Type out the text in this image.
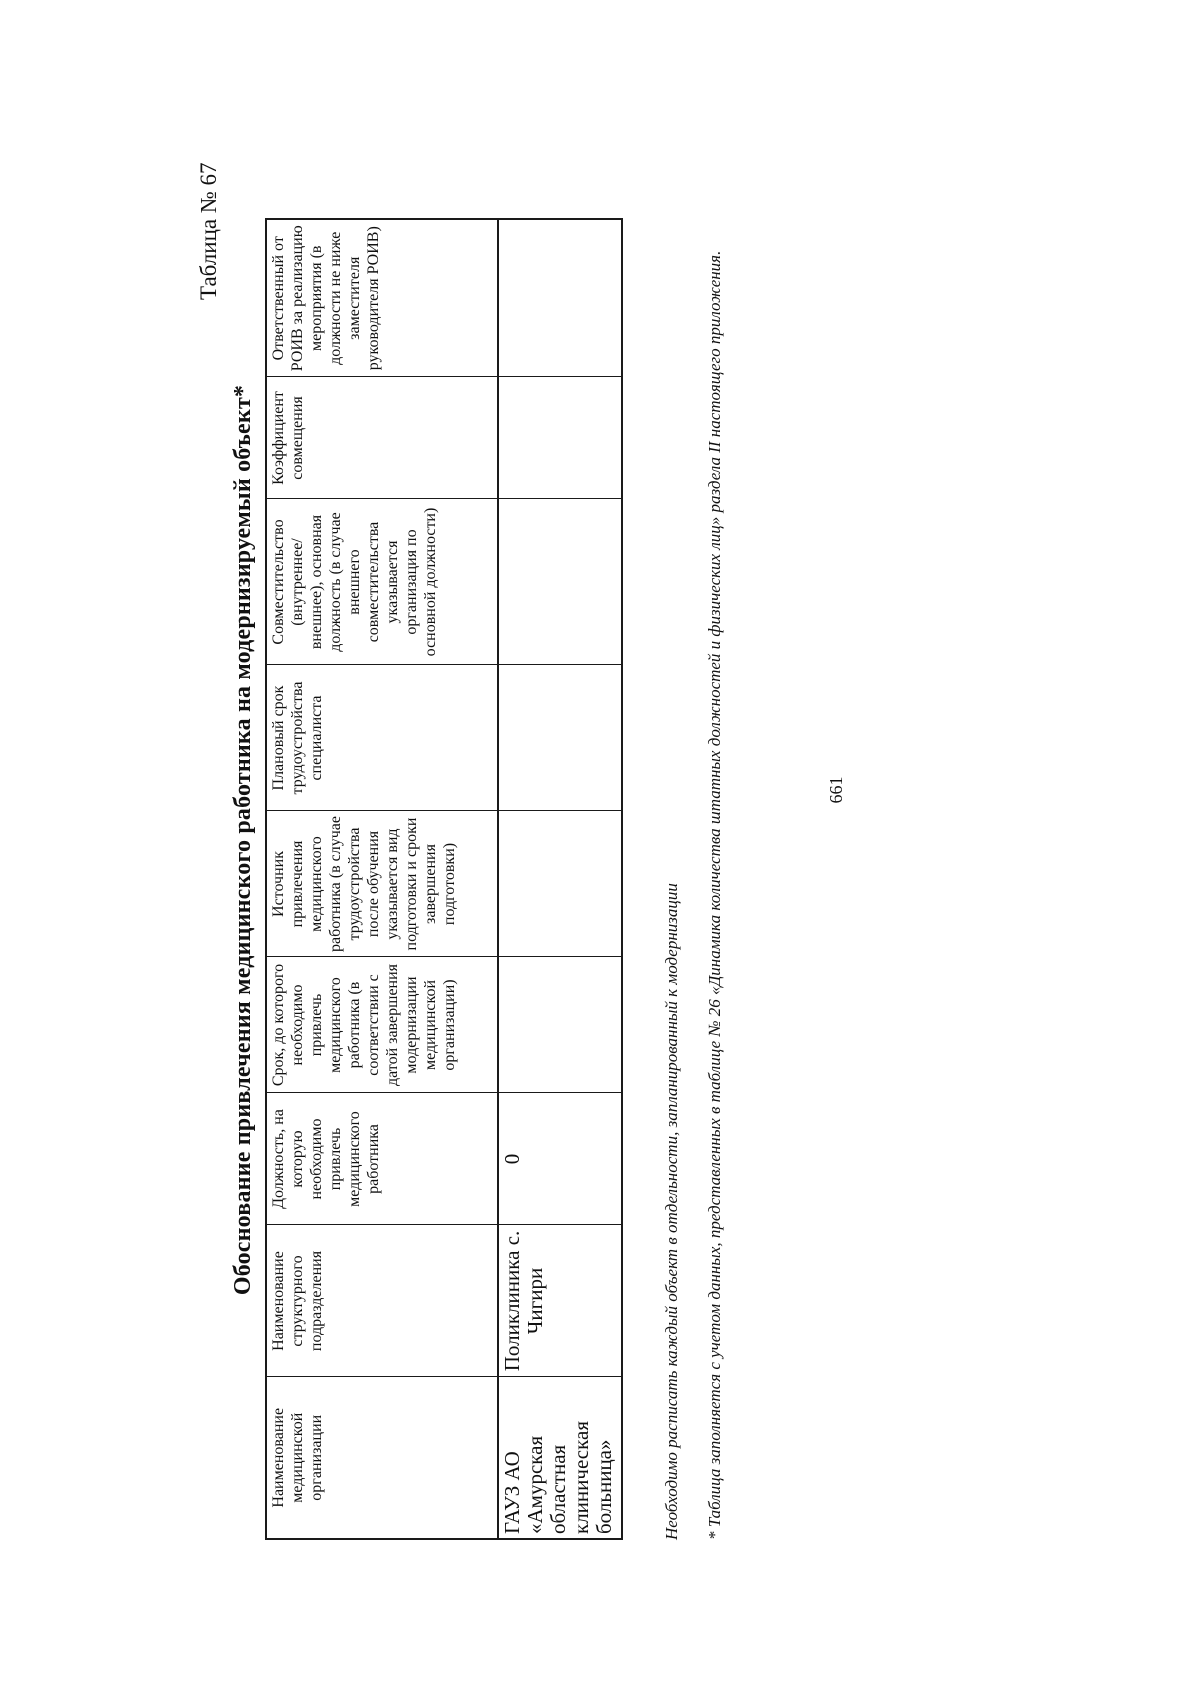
661
Таблица № 67
Обоснование привлечения медицинского работника на модернизируемый объект*
Наименование медицинской организации	Наименование структурного подразделения	Должность, на которую необходимо привлечь медицинского работника	Срок, до которого необходимо привлечь медицинского работника (в соответствии с датой завершения модернизации медицинской организации)	Источник привлечения медицинского работника (в случае трудоустройства после обучения указывается вид подготовки и сроки завершения подготовки)	Плановый срок трудоустройства специалиста	Совместительство (внутреннее/ внешнее), основная должность (в случае внешнего совместительства указывается организация по основной должности)	Коэффициент совмещения	Ответственный от РОИВ за реализацию мероприятия (в должности не ниже заместителя руководителя РОИВ)
ГАУЗ АО «Амурская областная клиническая больница»	Поликлиника с. Чигири	0							Необходимо расписать каждый объект в отдельности, запланированный к модернизации * Таблица заполняется с учетом данных, представленных в таблице № 26 «Динамика количества штатных должностей и физических лиц» раздела II настоящего приложения.
